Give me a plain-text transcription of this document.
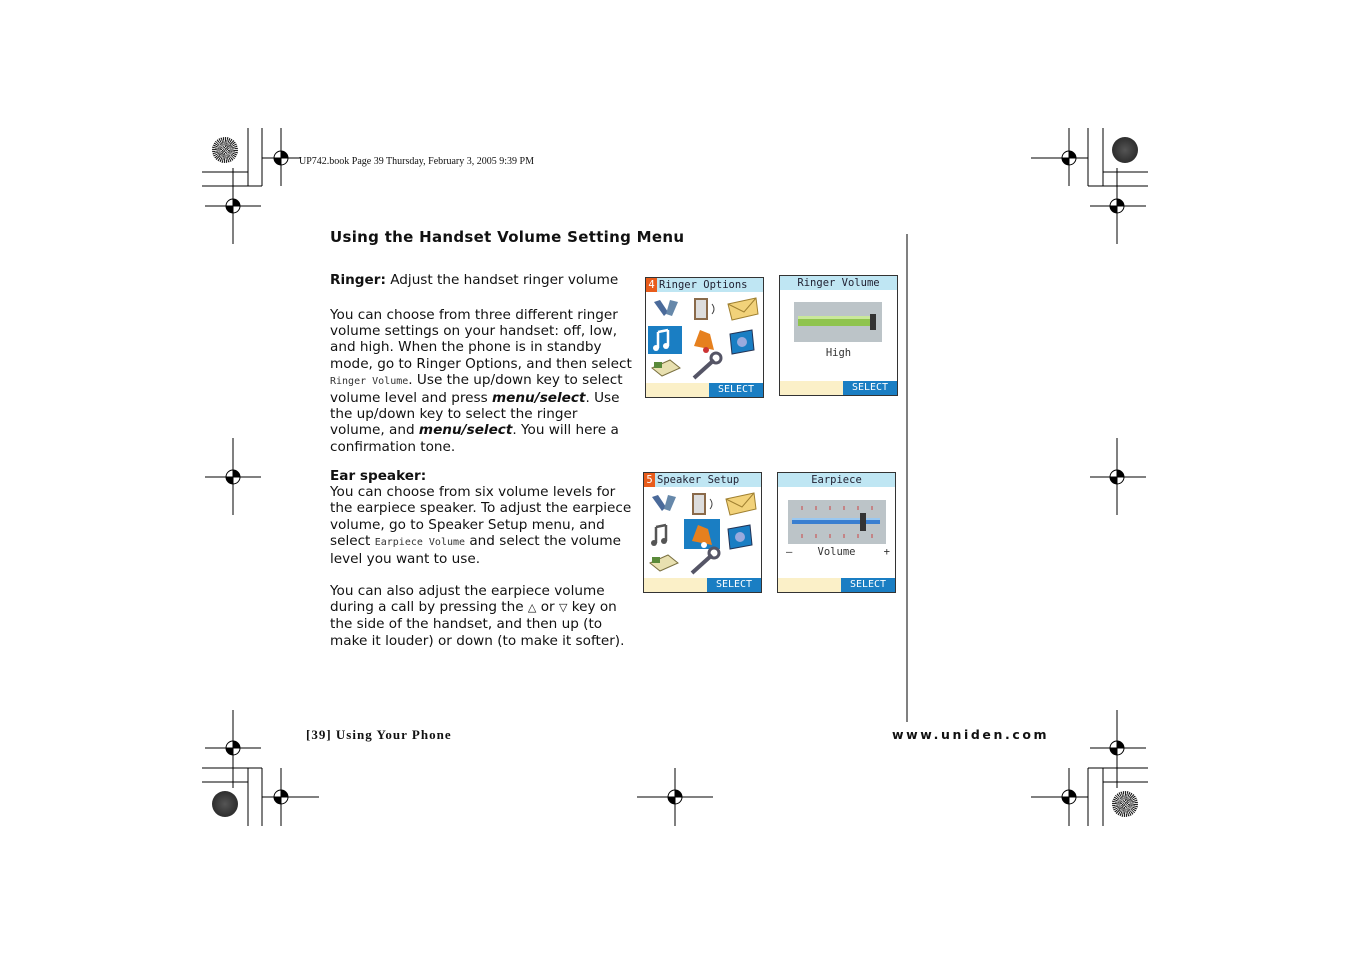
UP742.book Page 39 Thursday, February 3, 2005 9:39 PM
Using the Handset Volume Setting Menu
Ringer: Adjust the handset ringer volume
You can choose from three different ringer volume settings on your handset: off, low, and high. When the phone is in standby mode, go to Ringer Options, and then select Ringer Volume. Use the up/down key to select volume level and press menu/select. Use the up/down key to select the ringer volume, and menu/select. You will here a confirmation tone.
Ear speaker:
You can choose from six volume levels for the earpiece speaker. To adjust the earpiece volume, go to Speaker Setup menu, and select Earpiece Volume and select the volume level you want to use.
You can also adjust the earpiece volume during a call by pressing the △ or ▽ key on the side of the handset, and then up (to make it louder) or down (to make it softer).
4 Ringer Options
SELECT
Ringer Volume
High
SELECT
5 Speaker Setup
SELECT
Earpiece
–	Volume	+
SELECT
[39] Using Your Phone	www.uniden.com
